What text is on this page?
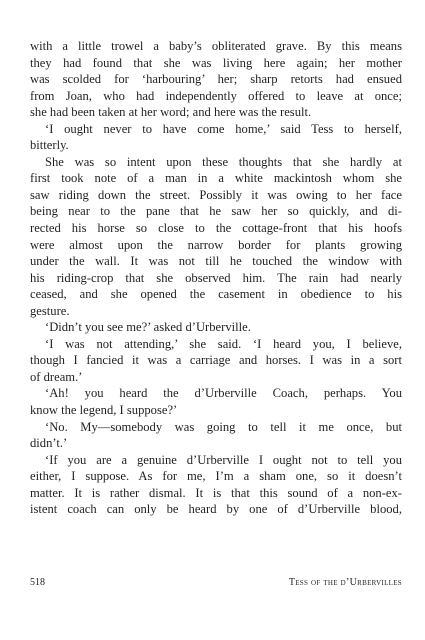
with a little trowel a baby’s obliterated grave. By this means
they had found that she was living here again; her mother
was scolded for ‘harbouring’ her; sharp retorts had ensued
from Joan, who had independently offered to leave at once;
she had been taken at her word; and here was the result.
‘I ought never to have come home,’ said Tess to herself,
bitterly.
She was so intent upon these thoughts that she hardly at
first took note of a man in a white mackintosh whom she
saw riding down the street. Possibly it was owing to her face
being near to the pane that he saw her so quickly, and di-
rected his horse so close to the cottage-front that his hoofs
were almost upon the narrow border for plants growing
under the wall. It was not till he touched the window with
his riding-crop that she observed him. The rain had nearly
ceased, and she opened the casement in obedience to his
gesture.
‘Didn’t you see me?’ asked d’Urberville.
‘I was not attending,’ she said. ‘I heard you, I believe,
though I fancied it was a carriage and horses. I was in a sort
of dream.’
‘Ah! you heard the d’Urberville Coach, perhaps. You
know the legend, I suppose?’
‘No. My—somebody was going to tell it me once, but
didn’t.’
‘If you are a genuine d’Urberville I ought not to tell you
either, I suppose. As for me, I’m a sham one, so it doesn’t
matter. It is rather dismal. It is that this sound of a non-ex-
istent coach can only be heard by one of d’Urberville blood,
518	Tess of the d’Urbervilles
